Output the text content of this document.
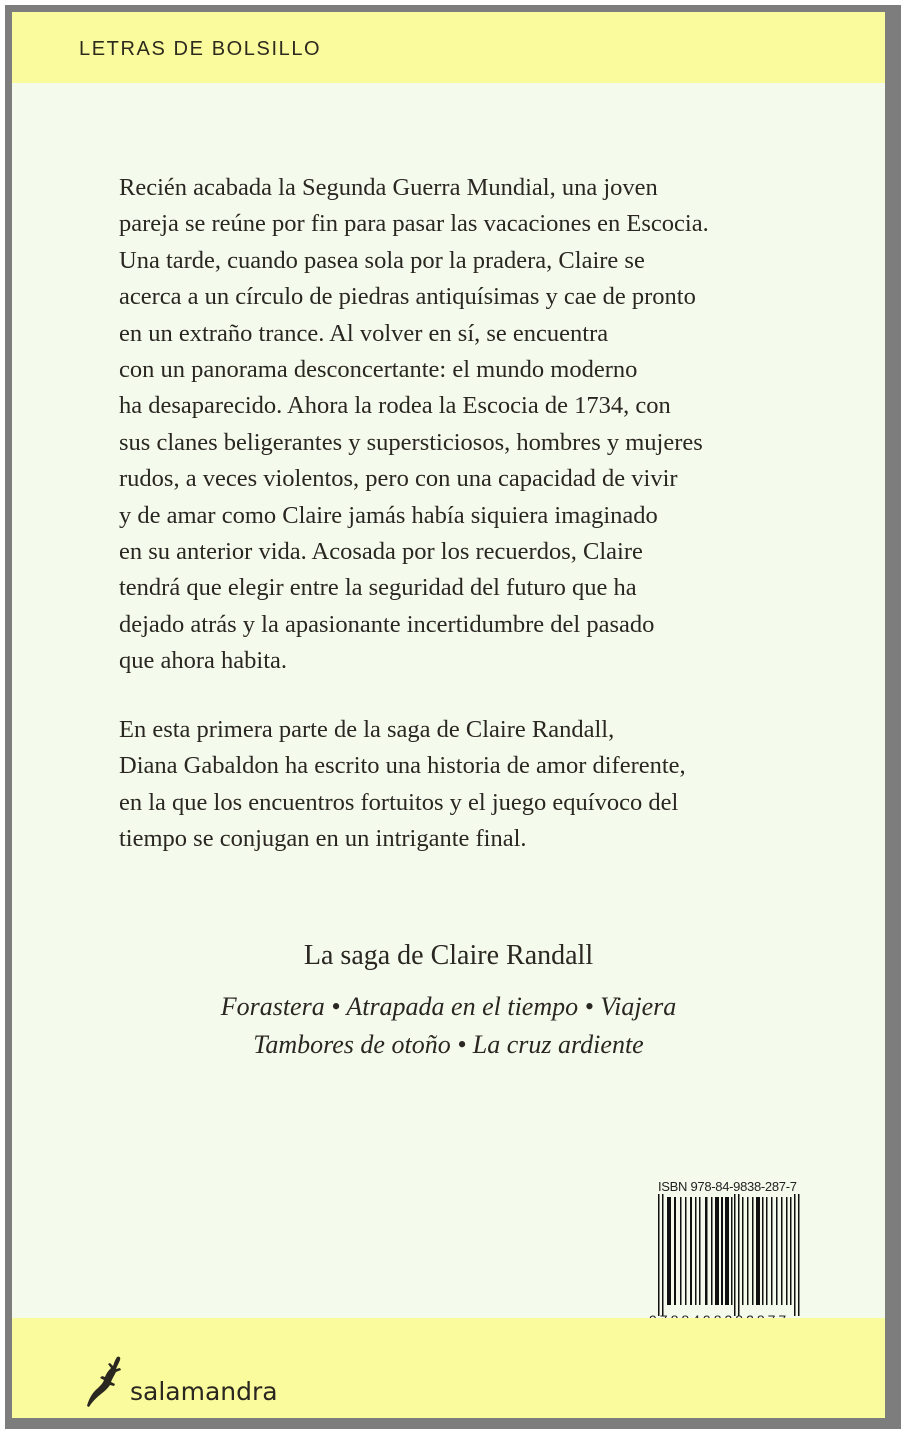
LETRAS DE BOLSILLO

Recién acabada la Segunda Guerra Mundial, una joven
pareja se reúne por fin para pasar las vacaciones en Escocia.
Una tarde, cuando pasea sola por la pradera, Claire se
acerca a un círculo de piedras antiquísimas y cae de pronto
en un extraño trance. Al volver en sí, se encuentra
con un panorama desconcertante: el mundo moderno
ha desaparecido. Ahora la rodea la Escocia de 1734, con
sus clanes beligerantes y supersticiosos, hombres y mujeres
rudos, a veces violentos, pero con una capacidad de vivir
y de amar como Claire jamás había siquiera imaginado
en su anterior vida. Acosada por los recuerdos, Claire
tendrá que elegir entre la seguridad del futuro que ha
dejado atrás y la apasionante incertidumbre del pasado
que ahora habita.

En esta primera parte de la saga de Claire Randall,
Diana Gabaldon ha escrito una historia de amor diferente,
en la que los encuentros fortuitos y el juego equívoco del
tiempo se conjugan en un intrigante final.

La saga de Claire Randall
Forastera • Atrapada en el tiempo • Viajera
Tambores de otoño • La cruz ardiente
ISBN 978-84-9838-287-7
salamandra
